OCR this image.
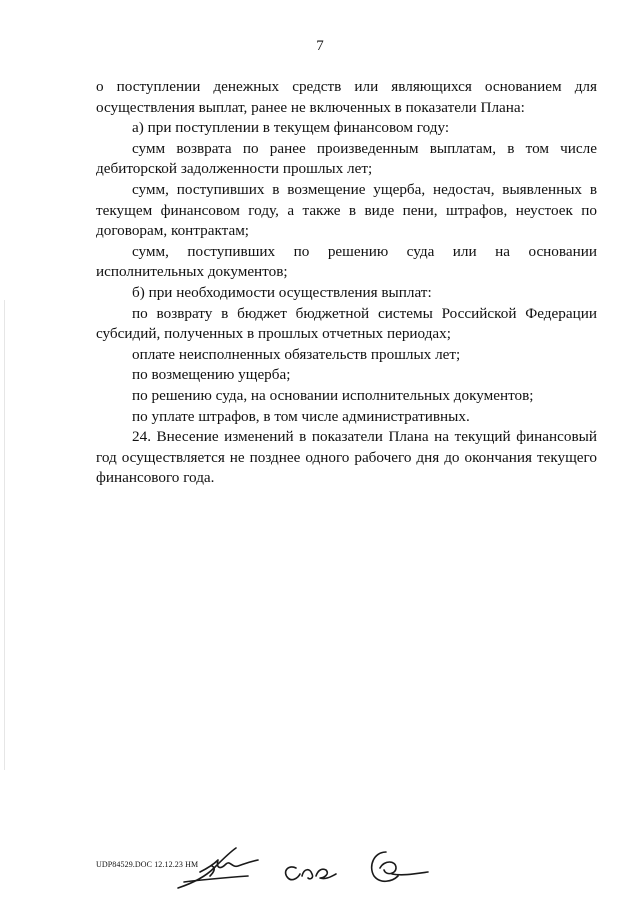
7

о поступлении денежных средств или являющихся основанием для осуществления выплат, ранее не включенных в показатели Плана:

а) при поступлении в текущем финансовом году:

сумм возврата по ранее произведенным выплатам, в том числе дебиторской задолженности прошлых лет;

сумм, поступивших в возмещение ущерба, недостач, выявленных в текущем финансовом году, а также в виде пени, штрафов, неустоек по договорам, контрактам;

сумм, поступивших по решению суда или на основании исполнительных документов;

б) при необходимости осуществления выплат:

по возврату в бюджет бюджетной системы Российской Федерации субсидий, полученных в прошлых отчетных периодах;

оплате неисполненных обязательств прошлых лет;

по возмещению ущерба;

по решению суда, на основании исполнительных документов;

по уплате штрафов, в том числе административных.

24. Внесение изменений в показатели Плана на текущий финансовый год осуществляется не позднее одного рабочего дня до окончания текущего финансового года.

UDP84529.DOC 12.12.23 HM
